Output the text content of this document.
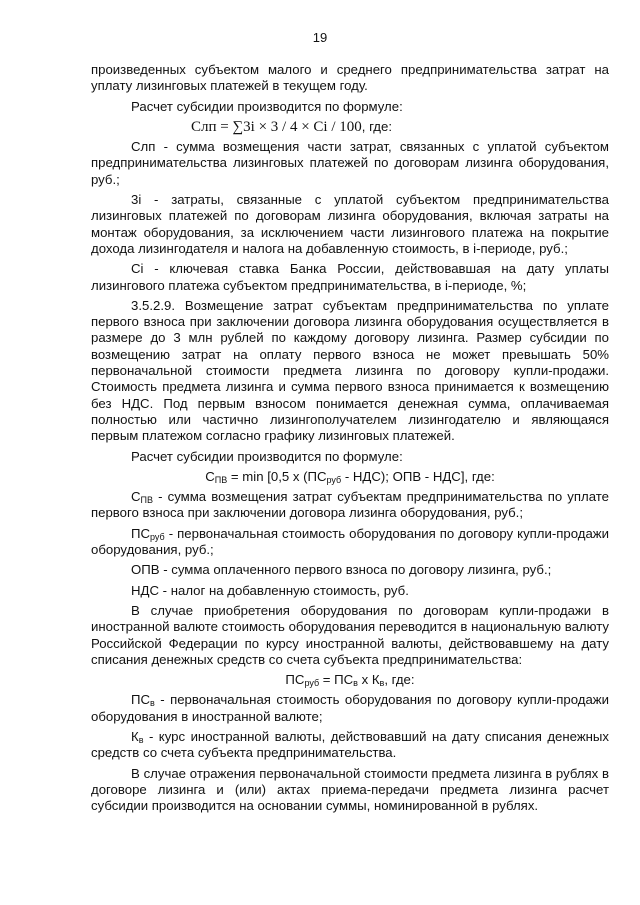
19

произведенных субъектом малого и среднего предпринимательства затрат на уплату лизинговых платежей в текущем году.

Расчет субсидии производится по формуле:

Слп = ∑3i × 3 / 4 × Ci / 100, где:

Слп - сумма возмещения части затрат, связанных с уплатой субъектом предпринимательства лизинговых платежей по договорам лизинга оборудования, руб.;

3i - затраты, связанные с уплатой субъектом предпринимательства лизинговых платежей по договорам лизинга оборудования, включая затраты на монтаж оборудования, за исключением части лизингового платежа на покрытие дохода лизингодателя и налога на добавленную стоимость, в i-периоде, руб.;

Ci - ключевая ставка Банка России, действовавшая на дату уплаты лизингового платежа субъектом предпринимательства, в i-периоде, %;

3.5.2.9. Возмещение затрат субъектам предпринимательства по уплате первого взноса при заключении договора лизинга оборудования осуществляется в размере до 3 млн рублей по каждому договору лизинга. Размер субсидии по возмещению затрат на оплату первого взноса не может превышать 50% первоначальной стоимости предмета лизинга по договору купли-продажи. Стоимость предмета лизинга и сумма первого взноса принимается к возмещению без НДС. Под первым взносом понимается денежная сумма, оплачиваемая полностью или частично лизингополучателем лизингодателю и являющаяся первым платежом согласно графику лизинговых платежей.

Расчет субсидии производится по формуле:

$С_{ПВ} = \min [0,5$ x $(ПС_{руб} - НДС)$; ОПВ - НДС], где:

$С_{ПВ}$ - сумма возмещения затрат субъектам предпринимательства по уплате первого взноса при заключении договора лизинга оборудования, руб.;

$ПС_{руб}$ - первоначальная стоимость оборудования по договору купли-продажи оборудования, руб.;

ОПВ - сумма оплаченного первого взноса по договору лизинга, руб.;

НДС - налог на добавленную стоимость, руб.

В случае приобретения оборудования по договорам купли-продажи в иностранной валюте стоимость оборудования переводится в национальную валюту Российской Федерации по курсу иностранной валюты, действовавшему на дату списания денежных средств со счета субъекта предпринимательства:

$ПС_{руб} = ПС_в$ x $К_в$, где:

$ПС_в$ - первоначальная стоимость оборудования по договору купли-продажи оборудования в иностранной валюте;

$К_в$ - курс иностранной валюты, действовавший на дату списания денежных средств со счета субъекта предпринимательства.

В случае отражения первоначальной стоимости предмета лизинга в рублях в договоре лизинга и (или) актах приема-передачи предмета лизинга расчет субсидии производится на основании суммы, номинированной в рублях.
